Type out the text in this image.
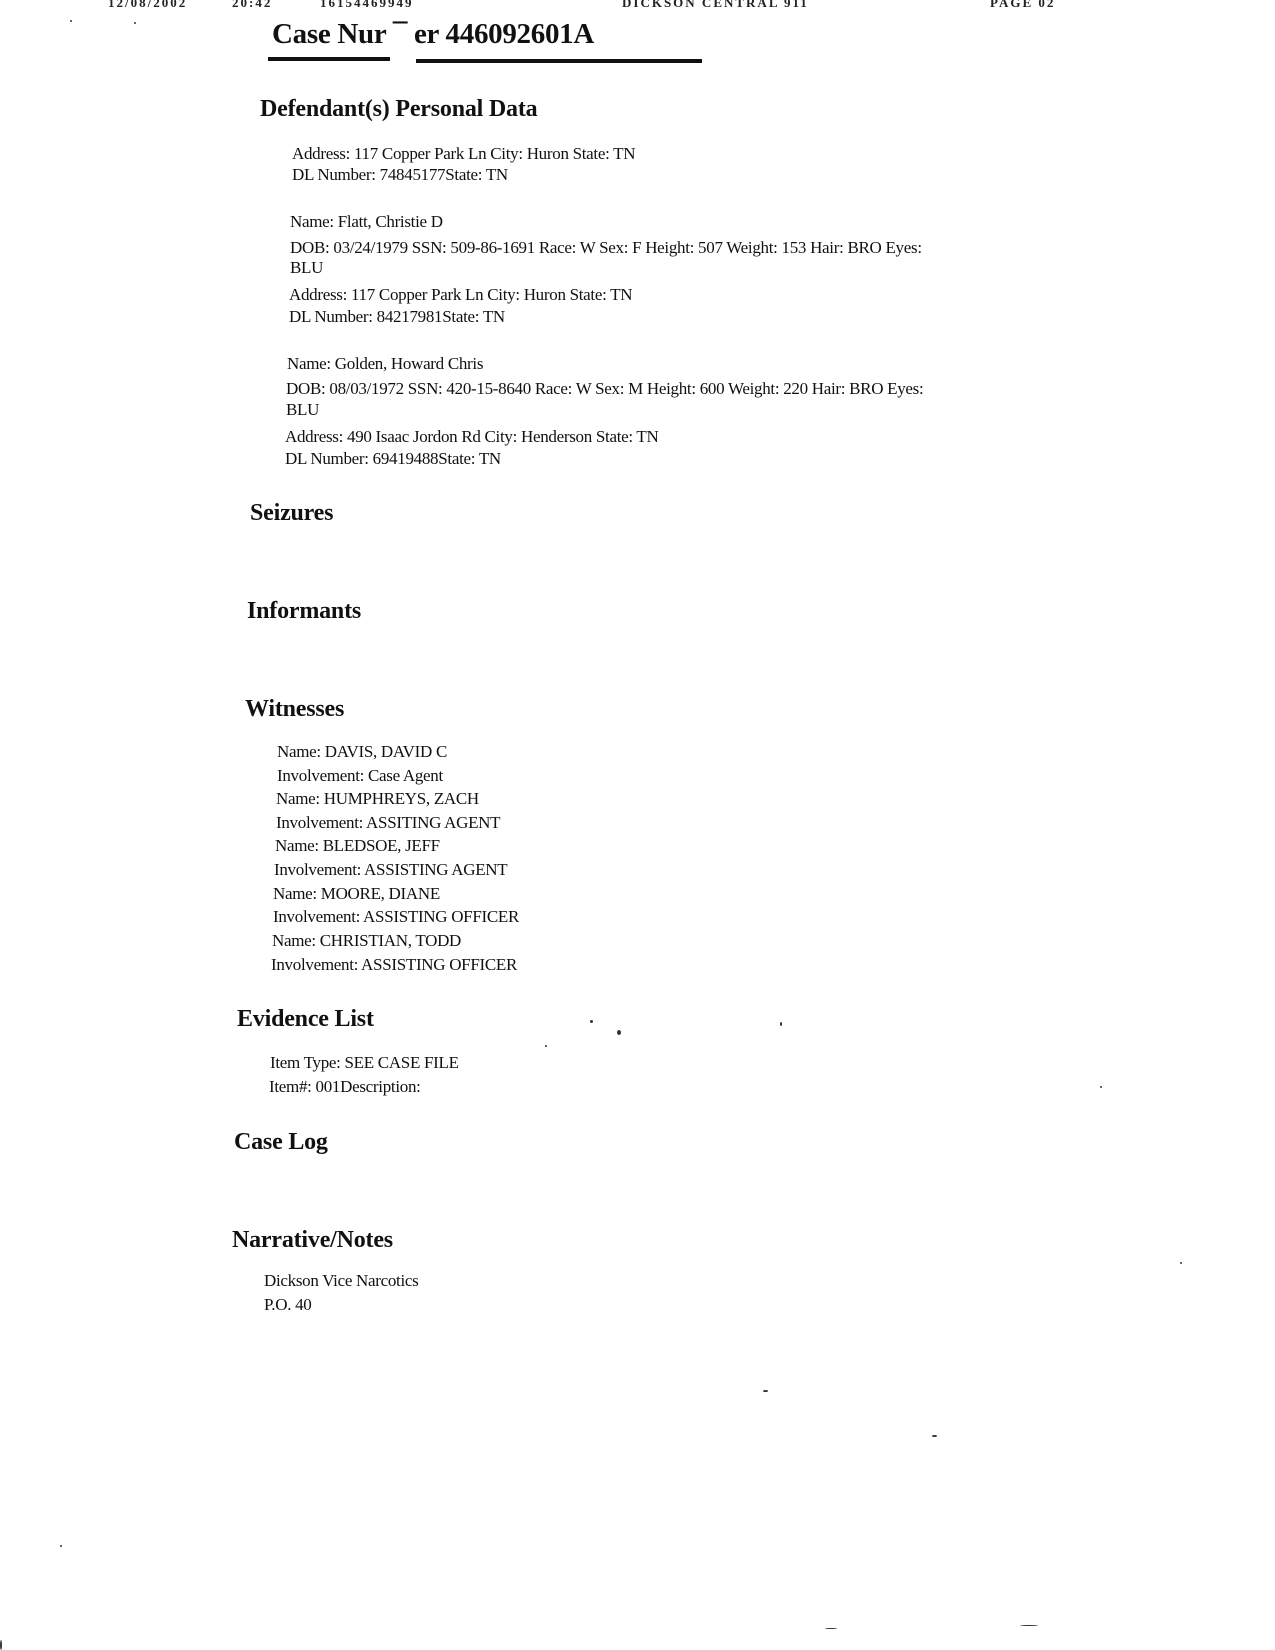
12/08/2002	20:42	16154469949	DICKSON CENTRAL 911	PAGE 02
Case Nur ¯ er 446092601A
Defendant(s) Personal Data
Address: 117 Copper Park Ln City: Huron State: TN
DL Number: 74845177State: TN
Name: Flatt, Christie D
DOB: 03/24/1979 SSN: 509-86-1691 Race: W Sex: F Height: 507 Weight: 153 Hair: BRO Eyes:
BLU
Address: 117 Copper Park Ln City: Huron State: TN
DL Number: 84217981State: TN
Name: Golden, Howard Chris
DOB: 08/03/1972 SSN: 420-15-8640 Race: W Sex: M Height: 600 Weight: 220 Hair: BRO Eyes:
BLU
Address: 490 Isaac Jordon Rd City: Henderson State: TN
DL Number: 69419488State: TN
Seizures
Informants
Witnesses
Name: DAVIS, DAVID C
Involvement: Case Agent
Name: HUMPHREYS, ZACH
Involvement: ASSITING AGENT
Name: BLEDSOE, JEFF
Involvement: ASSISTING AGENT
Name: MOORE, DIANE
Involvement: ASSISTING OFFICER
Name: CHRISTIAN, TODD
Involvement: ASSISTING OFFICER
Evidence List
Item Type: SEE CASE FILE
Item#: 001Description:
Case Log
Narrative/Notes
Dickson Vice Narcotics
P.O. 40
